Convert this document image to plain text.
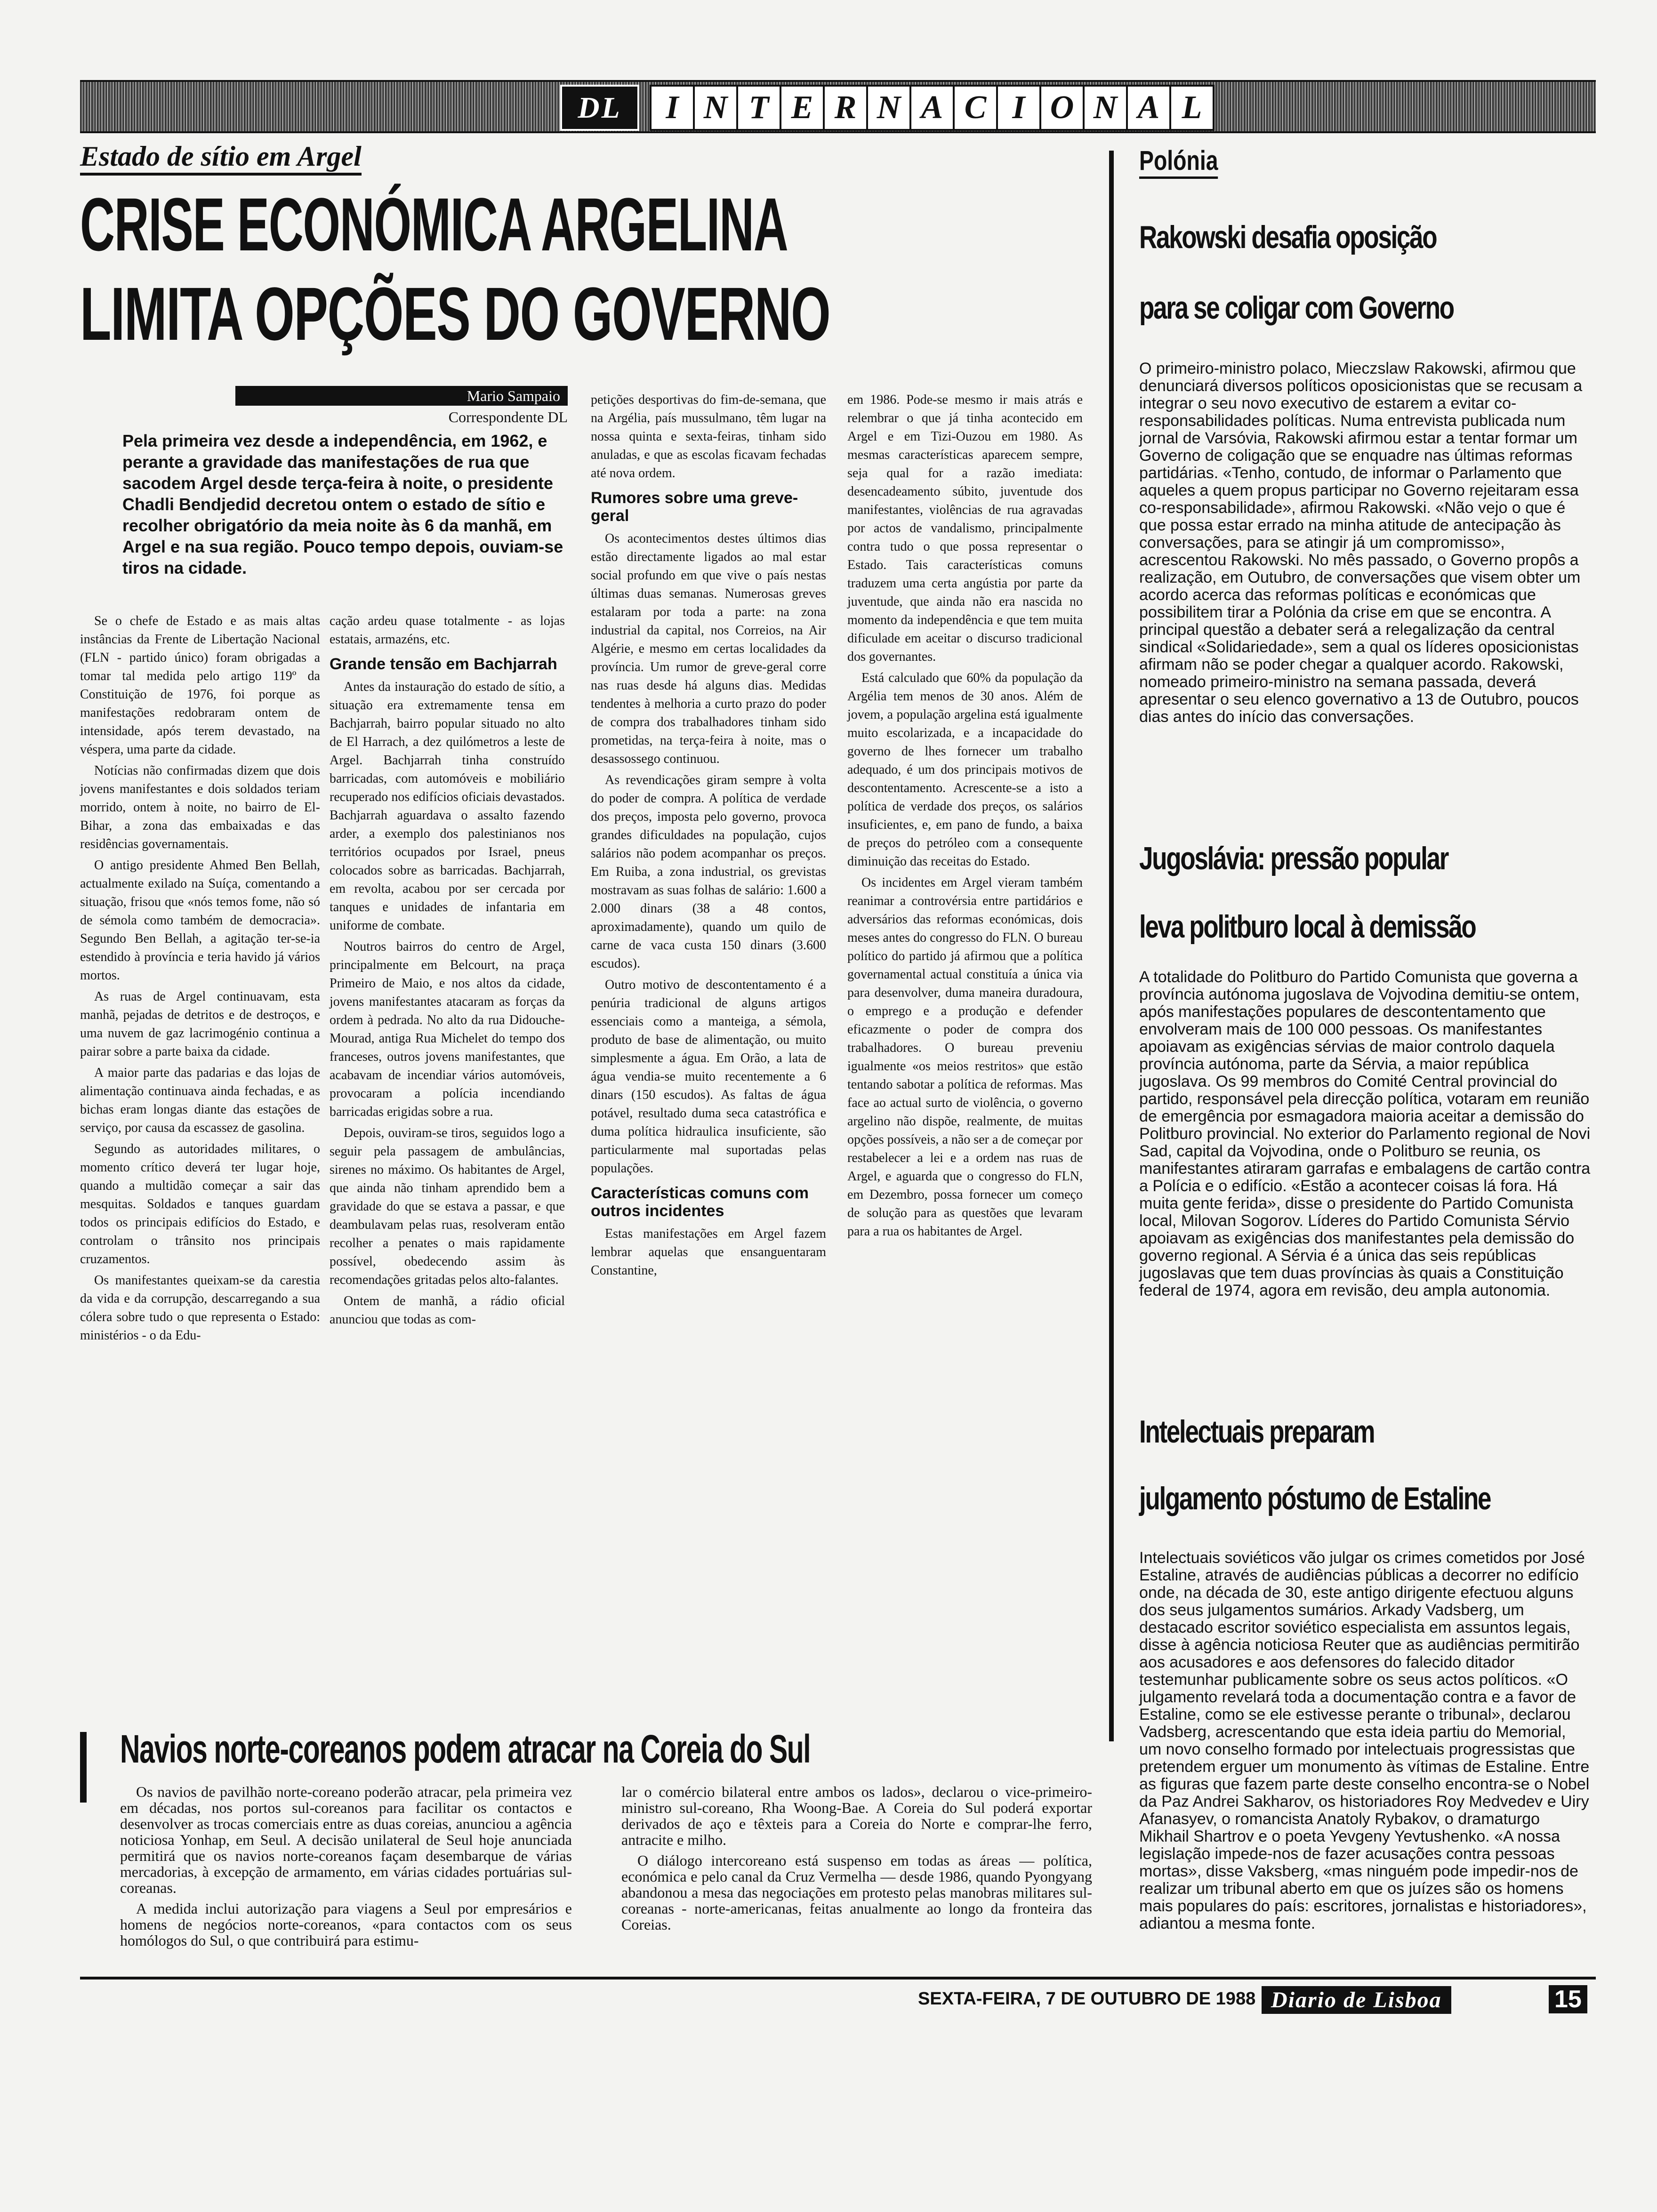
DL	I N T E R N A C I O N A L
Estado de sítio em Argel
CRISE ECONÓMICA ARGELINA
LIMITA OPÇÕES DO GOVERNO
Mario Sampaio
Correspondente DL
Pela primeira vez desde a independência, em 1962, e perante a gravidade das manifestações de rua que sacodem Argel desde terça-feira à noite, o presidente Chadli Bendjedid decretou ontem o estado de sítio e recolher obrigatório da meia noite às 6 da manhã, em Argel e na sua região. Pouco tempo depois, ouviam-se tiros na cidade.

Se o chefe de Estado e as mais altas instâncias da Frente de Libertação Nacional (FLN - partido único) foram obrigadas a tomar tal medida pelo artigo 119º da Constituição de 1976, foi porque as manifestações redobraram ontem de intensidade, após terem devastado, na véspera, uma parte da cidade.

Notícias não confirmadas dizem que dois jovens manifestantes e dois soldados teriam morrido, ontem à noite, no bairro de El-Bihar, a zona das embaixadas e das residências governamentais.

O antigo presidente Ahmed Ben Bellah, actualmente exilado na Suíça, comentando a situação, frisou que «nós temos fome, não só de sémola como também de democracia». Segundo Ben Bellah, a agitação ter-se-ia estendido à província e teria havido já vários mortos.

As ruas de Argel continuavam, esta manhã, pejadas de detritos e de destroços, e uma nuvem de gaz lacrimogénio continua a pairar sobre a parte baixa da cidade.

A maior parte das padarias e das lojas de alimentação continuava ainda fechadas, e as bichas eram longas diante das estações de serviço, por causa da escassez de gasolina.

Segundo as autoridades militares, o momento crítico deverá ter lugar hoje, quando a multidão começar a sair das mesquitas. Soldados e tanques guardam todos os principais edifícios do Estado, e controlam o trânsito nos principais cruzamentos.

Os manifestantes queixam-se da carestia da vida e da corrupção, descarregando a sua cólera sobre tudo o que representa o Estado: ministérios - o da Edu-

cação ardeu quase totalmente - as lojas estatais, armazéns, etc.

Grande tensão em Bachjarrah

Antes da instauração do estado de sítio, a situação era extremamente tensa em Bachjarrah, bairro popular situado no alto de El Harrach, a dez quilómetros a leste de Argel. Bachjarrah tinha construído barricadas, com automóveis e mobiliário recuperado nos edifícios oficiais devastados. Bachjarrah aguardava o assalto fazendo arder, a exemplo dos palestinianos nos territórios ocupados por Israel, pneus colocados sobre as barricadas. Bachjarrah, em revolta, acabou por ser cercada por tanques e unidades de infantaria em uniforme de combate.

Noutros bairros do centro de Argel, principalmente em Belcourt, na praça Primeiro de Maio, e nos altos da cidade, jovens manifestantes atacaram as forças da ordem à pedrada. No alto da rua Didouche-Mourad, antiga Rua Michelet do tempo dos franceses, outros jovens manifestantes, que acabavam de incendiar vários automóveis, provocaram a polícia incendiando barricadas erigidas sobre a rua.

Depois, ouviram-se tiros, seguidos logo a seguir pela passagem de ambulâncias, sirenes no máximo. Os habitantes de Argel, que ainda não tinham aprendido bem a gravidade do que se estava a passar, e que deambulavam pelas ruas, resolveram então recolher a penates o mais rapidamente possível, obedecendo assim às recomendações gritadas pelos alto-falantes.

Ontem de manhã, a rádio oficial anunciou que todas as com-

petições desportivas do fim-de-semana, que na Argélia, país mussulmano, têm lugar na nossa quinta e sexta-feiras, tinham sido anuladas, e que as escolas ficavam fechadas até nova ordem.

Rumores sobre uma greve-geral

Os acontecimentos destes últimos dias estão directamente ligados ao mal estar social profundo em que vive o país nestas últimas duas semanas. Numerosas greves estalaram por toda a parte: na zona industrial da capital, nos Correios, na Air Algérie, e mesmo em certas localidades da província. Um rumor de greve-geral corre nas ruas desde há alguns dias. Medidas tendentes à melhoria a curto prazo do poder de compra dos trabalhadores tinham sido prometidas, na terça-feira à noite, mas o desassossego continuou.

As revendicações giram sempre à volta do poder de compra. A política de verdade dos preços, imposta pelo governo, provoca grandes dificuldades na população, cujos salários não podem acompanhar os preços. Em Ruiba, a zona industrial, os grevistas mostravam as suas folhas de salário: 1.600 a 2.000 dinars (38 a 48 contos, aproximadamente), quando um quilo de carne de vaca custa 150 dinars (3.600 escudos).

Outro motivo de descontentamento é a penúria tradicional de alguns artigos essenciais como a manteiga, a sémola, produto de base de alimentação, ou muito simplesmente a água. Em Orão, a lata de água vendia-se muito recentemente a 6 dinars (150 escudos). As faltas de água potável, resultado duma seca catastrófica e duma política hidraulica insuficiente, são particularmente mal suportadas pelas populações.

Características comuns com outros incidentes

Estas manifestações em Argel fazem lembrar aquelas que ensanguentaram Constantine,

em 1986. Pode-se mesmo ir mais atrás e relembrar o que já tinha acontecido em Argel e em Tizi-Ouzou em 1980. As mesmas características aparecem sempre, seja qual for a razão imediata: desencadeamento súbito, juventude dos manifestantes, violências de rua agravadas por actos de vandalismo, principalmente contra tudo o que possa representar o Estado. Tais características comuns traduzem uma certa angústia por parte da juventude, que ainda não era nascida no momento da independência e que tem muita dificulade em aceitar o discurso tradicional dos governantes.

Está calculado que 60% da população da Argélia tem menos de 30 anos. Além de jovem, a população argelina está igualmente muito escolarizada, e a incapacidade do governo de lhes fornecer um trabalho adequado, é um dos principais motivos de descontentamento. Acrescente-se a isto a política de verdade dos preços, os salários insuficientes, e, em pano de fundo, a baixa de preços do petróleo com a consequente diminuição das receitas do Estado.

Os incidentes em Argel vieram também reanimar a controvérsia entre partidários e adversários das reformas económicas, dois meses antes do congresso do FLN. O bureau político do partido já afirmou que a política governamental actual constituía a única via para desenvolver, duma maneira duradoura, o emprego e a produção e defender eficazmente o poder de compra dos trabalhadores. O bureau preveniu igualmente «os meios restritos» que estão tentando sabotar a política de reformas. Mas face ao actual surto de violência, o governo argelino não dispõe, realmente, de muitas opções possíveis, a não ser a de começar por restabelecer a lei e a ordem nas ruas de Argel, e aguarda que o congresso do FLN, em Dezembro, possa fornecer um começo de solução para as questões que levaram para a rua os habitantes de Argel.

Polónia
Rakowski desafia oposição
para se coligar com Governo
O primeiro-ministro polaco, Mieczslaw Rakowski, afirmou que denunciará diversos políticos oposicionistas que se recusam a integrar o seu novo executivo de estarem a evitar co-responsabilidades políticas. Numa entrevista publicada num jornal de Varsóvia, Rakowski afirmou estar a tentar formar um Governo de coligação que se enquadre nas últimas reformas partidárias. «Tenho, contudo, de informar o Parlamento que aqueles a quem propus participar no Governo rejeitaram essa co-responsabilidade», afirmou Rakowski. «Não vejo o que é que possa estar errado na minha atitude de antecipação às conversações, para se atingir já um compromisso», acrescentou Rakowski. No mês passado, o Governo propôs a realização, em Outubro, de conversações que visem obter um acordo acerca das reformas políticas e económicas que possibilitem tirar a Polónia da crise em que se encontra. A principal questão a debater será a relegalização da central sindical «Solidariedade», sem a qual os líderes oposicionistas afirmam não se poder chegar a qualquer acordo. Rakowski, nomeado primeiro-ministro na semana passada, deverá apresentar o seu elenco governativo a 13 de Outubro, poucos dias antes do início das conversações.
Jugoslávia: pressão popular
leva politburo local à demissão
A totalidade do Politburo do Partido Comunista que governa a província autónoma jugoslava de Vojvodina demitiu-se ontem, após manifestações populares de descontentamento que envolveram mais de 100 000 pessoas. Os manifestantes apoiavam as exigências sérvias de maior controlo daquela província autónoma, parte da Sérvia, a maior república jugoslava. Os 99 membros do Comité Central provincial do partido, responsável pela direcção política, votaram em reunião de emergência por esmagadora maioria aceitar a demissão do Politburo provincial. No exterior do Parlamento regional de Novi Sad, capital da Vojvodina, onde o Politburo se reunia, os manifestantes atiraram garrafas e embalagens de cartão contra a Polícia e o edifício. «Estão a acontecer coisas lá fora. Há muita gente ferida», disse o presidente do Partido Comunista local, Milovan Sogorov. Líderes do Partido Comunista Sérvio apoiavam as exigências dos manifestantes pela demissão do governo regional. A Sérvia é a única das seis repúblicas jugoslavas que tem duas províncias às quais a Constituição federal de 1974, agora em revisão, deu ampla autonomia.
Intelectuais preparam
julgamento póstumo de Estaline
Intelectuais soviéticos vão julgar os crimes cometidos por José Estaline, através de audiências públicas a decorrer no edifício onde, na década de 30, este antigo dirigente efectuou alguns dos seus julgamentos sumários. Arkady Vadsberg, um destacado escritor soviético especialista em assuntos legais, disse à agência noticiosa Reuter que as audiências permitirão aos acusadores e aos defensores do falecido ditador testemunhar publicamente sobre os seus actos políticos. «O julgamento revelará toda a documentação contra e a favor de Estaline, como se ele estivesse perante o tribunal», declarou Vadsberg, acrescentando que esta ideia partiu do Memorial, um novo conselho formado por intelectuais progressistas que pretendem erguer um monumento às vítimas de Estaline. Entre as figuras que fazem parte deste conselho encontra-se o Nobel da Paz Andrei Sakharov, os historiadores Roy Medvedev e Uiry Afanasyev, o romancista Anatoly Rybakov, o dramaturgo Mikhail Shartrov e o poeta Yevgeny Yevtushenko. «A nossa legislação impede-nos de fazer acusações contra pessoas mortas», disse Vaksberg, «mas ninguém pode impedir-nos de realizar um tribunal aberto em que os juízes são os homens mais populares do país: escritores, jornalistas e historiadores», adiantou a mesma fonte.
Navios norte-coreanos podem atracar na Coreia do Sul

Os navios de pavilhão norte-coreano poderão atracar, pela primeira vez em décadas, nos portos sul-coreanos para facilitar os contactos e desenvolver as trocas comerciais entre as duas coreias, anunciou a agência noticiosa Yonhap, em Seul. A decisão unilateral de Seul hoje anunciada permitirá que os navios norte-coreanos façam desembarque de várias mercadorias, à excepção de armamento, em várias cidades portuárias sul-coreanas.

A medida inclui autorização para viagens a Seul por empresários e homens de negócios norte-coreanos, «para contactos com os seus homólogos do Sul, o que contribuirá para estimu-

lar o comércio bilateral entre ambos os lados», declarou o vice-primeiro-ministro sul-coreano, Rha Woong-Bae. A Coreia do Sul poderá exportar derivados de aço e têxteis para a Coreia do Norte e comprar-lhe ferro, antracite e milho.

O diálogo intercoreano está suspenso em todas as áreas — política, económica e pelo canal da Cruz Vermelha — desde 1986, quando Pyongyang abandonou a mesa das negociações em protesto pelas manobras militares sul-coreanas - norte-americanas, feitas anualmente ao longo da fronteira das Coreias.

SEXTA-FEIRA, 7 DE OUTUBRO DE 1988 Diario de Lisboa	15
